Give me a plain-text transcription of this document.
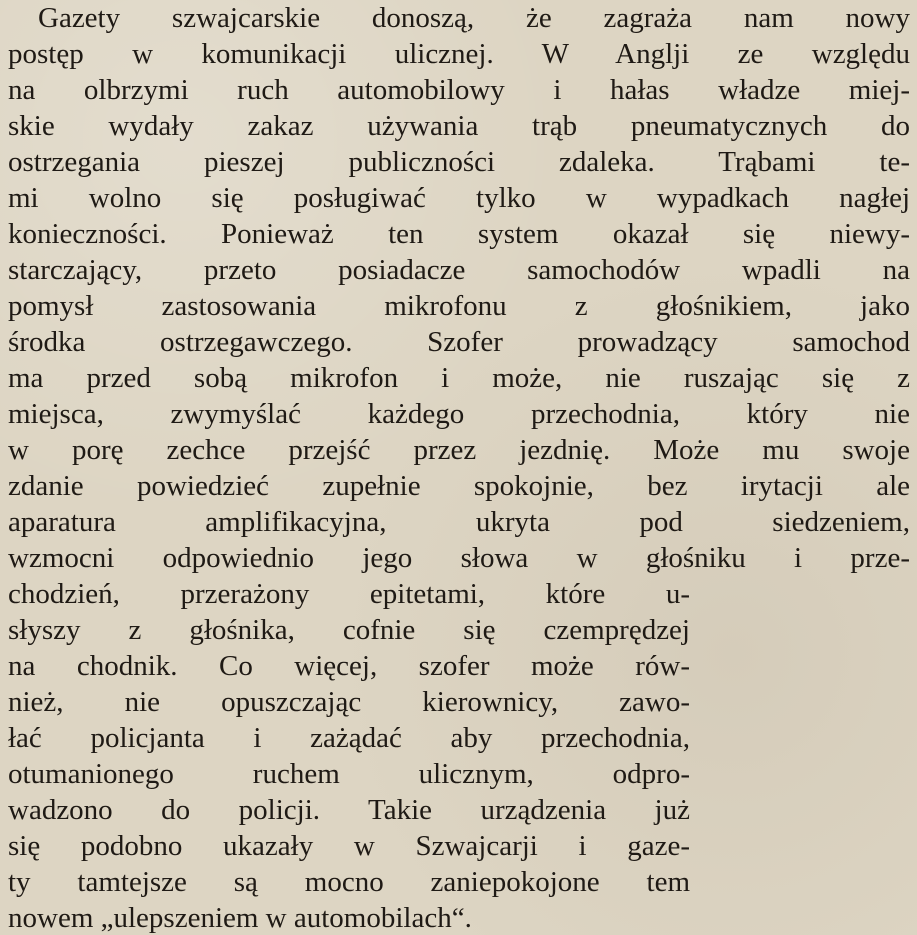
Gazety szwajcarskie donoszą, że zagraża nam nowy
postęp w komunikacji ulicznej. W Anglji ze względu
na olbrzymi ruch automobilowy i hałas władze miej-
skie wydały zakaz używania trąb pneumatycznych do
ostrzegania pieszej publiczności zdaleka. Trąbami te-
mi wolno się posługiwać tylko w wypadkach nagłej
konieczności. Ponieważ ten system okazał się niewy-
starczający, przeto posiadacze samochodów wpadli na
pomysł zastosowania mikrofonu z głośnikiem, jako
środka ostrzegawczego. Szofer prowadzący samochod
ma przed sobą mikrofon i może, nie ruszając się z
miejsca, zwymyślać każdego przechodnia, który nie
w porę zechce przejść przez jezdnię. Może mu swoje
zdanie powiedzieć zupełnie spokojnie, bez irytacji ale
aparatura amplifikacyjna, ukryta pod siedzeniem,
wzmocni odpowiednio jego słowa w głośniku i prze-
chodzień, przerażony epitetami, które u-
słyszy z głośnika, cofnie się czemprędzej
na chodnik. Co więcej, szofer może rów-
nież, nie opuszczając kierownicy, zawo-
łać policjanta i zażądać aby przechodnia,
otumanionego ruchem ulicznym, odpro-
wadzono do policji. Takie urządzenia już
się podobno ukazały w Szwajcarji i gaze-
ty tamtejsze są mocno zaniepokojone tem
nowem „ulepszeniem w automobilach“.
